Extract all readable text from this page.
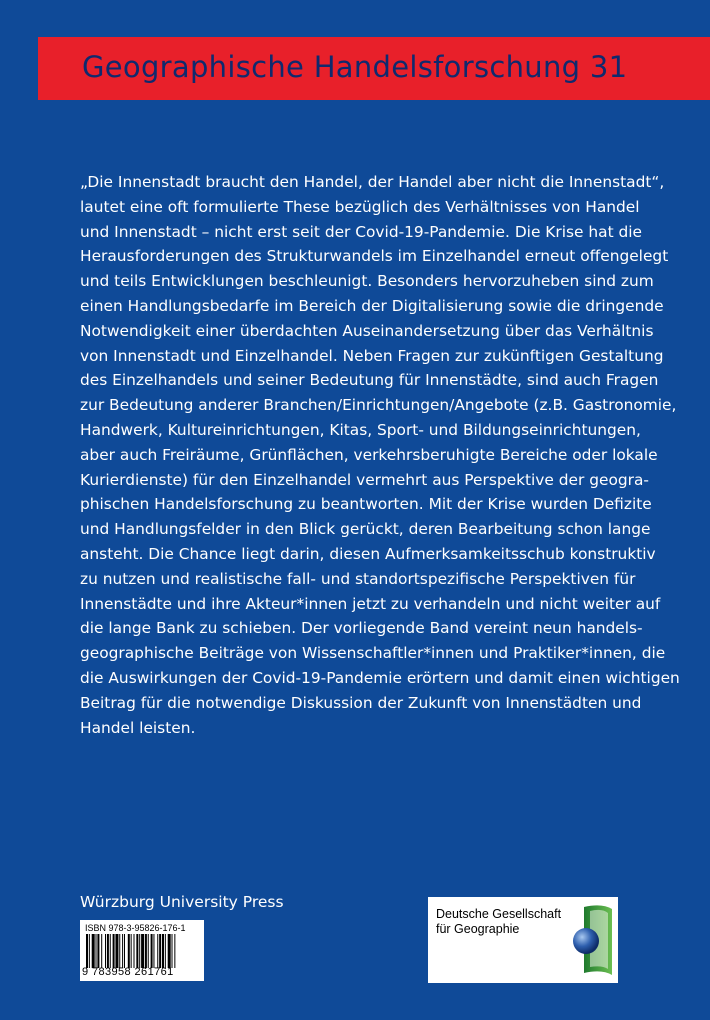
Geographische Handelsforschung 31
„Die Innenstadt braucht den Handel, der Handel aber nicht die Innenstadt“,
lautet eine oft formulierte These bezüglich des Verhältnisses von Handel
und Innenstadt – nicht erst seit der Covid-19-Pandemie. Die Krise hat die
Herausforderungen des Strukturwandels im Einzelhandel erneut offengelegt
und teils Entwicklungen beschleunigt. Besonders hervorzuheben sind zum
einen Handlungsbedarfe im Bereich der Digitalisierung sowie die dringende
Notwendigkeit einer überdachten Auseinandersetzung über das Verhältnis
von Innenstadt und Einzelhandel. Neben Fragen zur zukünftigen Gestaltung
des Einzelhandels und seiner Bedeutung für Innenstädte, sind auch Fragen
zur Bedeutung anderer Branchen/Einrichtungen/Angebote (z.B. Gastronomie,
Handwerk, Kultureinrichtungen, Kitas, Sport- und Bildungseinrichtungen,
aber auch Freiräume, Grünflächen, verkehrsberuhigte Bereiche oder lokale
Kurierdienste) für den Einzelhandel vermehrt aus Perspektive der geogra-
phischen Handelsforschung zu beantworten. Mit der Krise wurden Defizite
und Handlungsfelder in den Blick gerückt, deren Bearbeitung schon lange
ansteht. Die Chance liegt darin, diesen Aufmerksamkeitsschub konstruktiv
zu nutzen und realistische fall- und standortspezifische Perspektiven für
Innenstädte und ihre Akteur*innen jetzt zu verhandeln und nicht weiter auf
die lange Bank zu schieben. Der vorliegende Band vereint neun handels-
geographische Beiträge von Wissenschaftler*innen und Praktiker*innen, die
die Auswirkungen der Covid-19-Pandemie erörtern und damit einen wichtigen
Beitrag für die notwendige Diskussion der Zukunft von Innenstädten und
Handel leisten.
Würzburg University Press
ISBN 978-3-95826-176-1
9 783958 261761
Deutsche Gesellschaft
für Geographie
